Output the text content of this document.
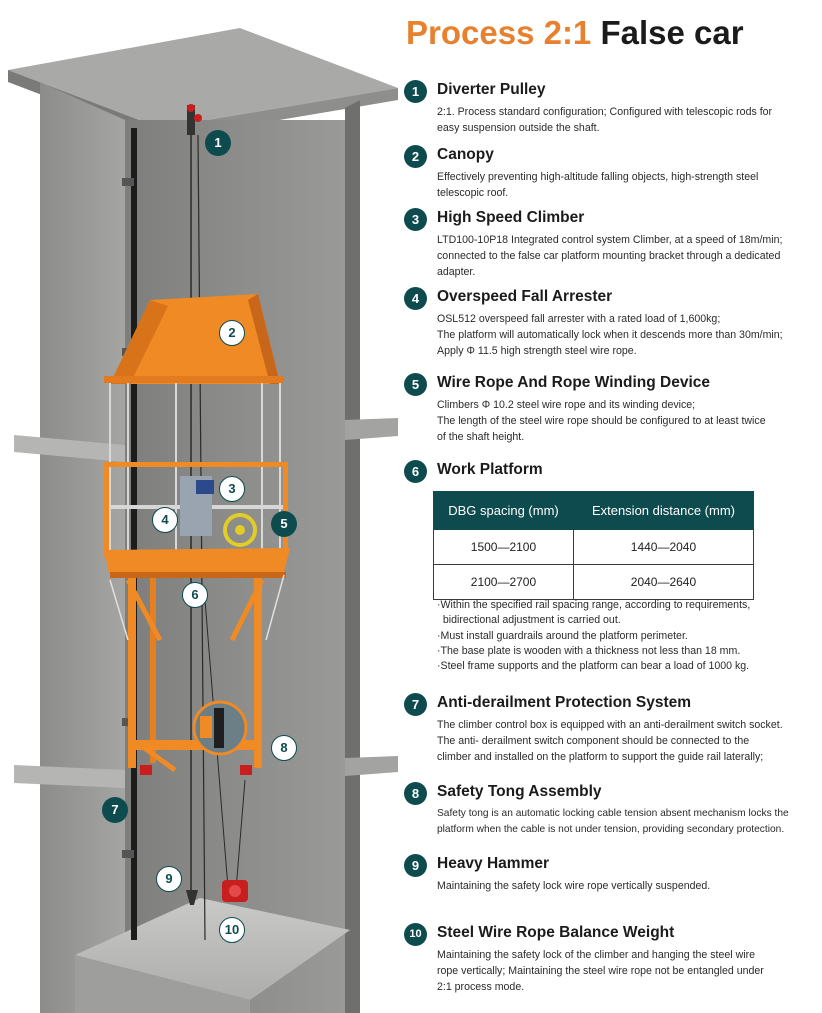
1
2
3
4	5
6
7
8
9
10
Process 2:1 False car
1	Diverter Pulley

2:1. Process standard configuration; Configured with telescopic rods for

easy suspension outside the shaft.

2	Canopy

Effectively preventing high-altitude falling objects, high-strength steel

telescopic roof.

3	High Speed Climber

LTD100-10P18 Integrated control system Climber, at a speed of 18m/min;

connected to the false car platform mounting bracket through a dedicated

adapter.

4	Overspeed Fall Arrester

OSL512 overspeed fall arrester with a rated load of 1,600kg;

The platform will automatically lock when it descends more than 30m/min;

Apply Φ 11.5 high strength steel wire rope.

5	Wire Rope And Rope Winding Device

Climbers Φ 10.2 steel wire rope and its winding device;

The length of the steel wire rope should be configured to at least twice

of the shaft height.

6	Work Platform
DBG spacing (mm)	Extension distance (mm)
1500—2100	1440—2040
2100—2700	2040—2640

·Within the specified rail spacing range, according to requirements,

bidirectional adjustment is carried out.

·Must install guardrails around the platform perimeter.

·The base plate is wooden with a thickness not less than 18 mm.

·Steel frame supports and the platform can bear a load of 1000 kg.

7	Anti-derailment Protection System

The climber control box is equipped with an anti-derailment switch socket.

The anti- derailment switch component should be connected to the

climber and installed on the platform to support the guide rail laterally;

8	Safety Tong Assembly

Safety tong is an automatic locking cable tension absent mechanism locks the

platform when the cable is not under tension, providing secondary protection.

9	Heavy Hammer

Maintaining the safety lock wire rope vertically suspended.

10 Steel Wire Rope Balance Weight

Maintaining the safety lock of the climber and hanging the steel wire

rope vertically; Maintaining the steel wire rope not be entangled under

2:1 process mode.
